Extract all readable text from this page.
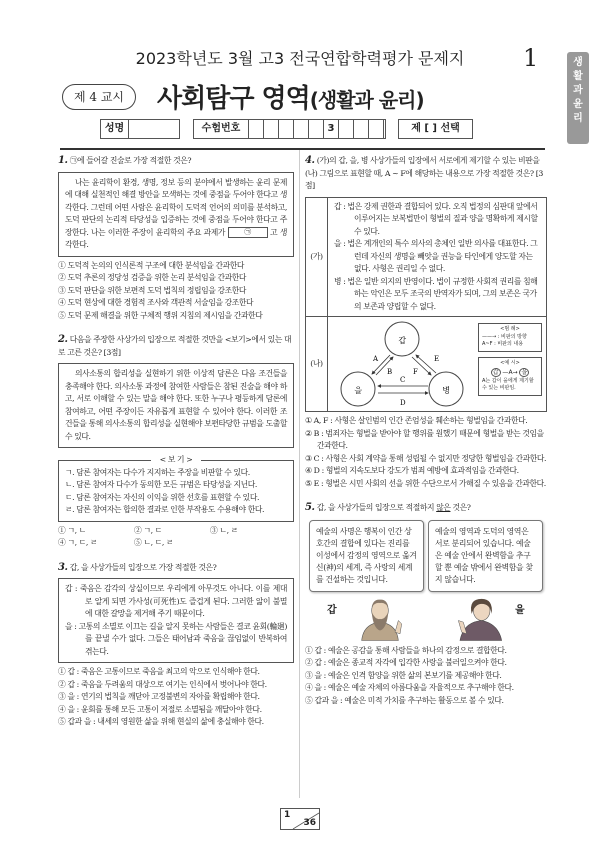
2023학년도 3월 고3 전국연합학력평가 문제지	1	생활과 윤리
제 4 교시	사회탐구 영역(생활과 윤리)
성명	수험번호	3	제 [ ] 선택
1. ㉠에 들어갈 진술로 가장 적절한 것은?
나는 윤리학이 환경, 생명, 정보 등의 분야에서 발생하는 윤리 문제에 대해 실천적인 해결 방안을 모색하는 것에 중점을 두어야 한다고 생각한다. 그런데 어떤 사람은 윤리학이 도덕적 언어의 의미를 분석하고, 도덕 판단의 논리적 타당성을 입증하는 것에 중점을 두어야 한다고 주장한다. 나는 이러한 주장이 윤리학의 주요 과제가	㉠ 고 생각한다.
① 도덕적 논의의 인식론적 구조에 대한 분석임을 간과한다
② 도덕 추론의 정당성 검증을 위한 논리 분석임을 간과한다
③ 도덕 판단을 위한 보편적 도덕 법칙의 정립임을 강조한다
④ 도덕 현상에 대한 경험적 조사와 객관적 서술임을 강조한다
⑤ 도덕 문제 해결을 위한 구체적 행위 지침의 제시임을 간과한다
2. 다음을 주장한 사상가의 입장으로 적절한 것만을 <보기>에서 있는 대로 고른 것은? [3점]
의사소통의 합리성을 실현하기 위한 이상적 담론은 다음 조건들을 충족해야 한다. 의사소통 과정에 참여한 사람들은 참된 진술을 해야 하고, 서로 이해할 수 있는 말을 해야 한다. 또한 누구나 평등하게 담론에 참여하고, 어떤 주장이든 자유롭게 표현할 수 있어야 한다. 이러한 조건들을 통해 의사소통의 합리성을 실현해야 보편타당한 규범을 도출할 수 있다.
< 보 기 >
ㄱ. 담론 참여자는 다수가 지지하는 주장을 비판할 수 있다.
ㄴ. 담론 참여자 다수가 동의한 모든 규범은 타당성을 지닌다.
ㄷ. 담론 참여자는 자신의 이익을 위한 선호를 표현할 수 있다.
ㄹ. 담론 참여자는 합의한 결과로 인한 부작용도 수용해야 한다.
① ㄱ, ㄴ	② ㄱ, ㄷ	③ ㄴ, ㄹ
④ ㄱ, ㄷ, ㄹ	⑤ ㄴ, ㄷ, ㄹ
3. 갑, 을 사상가들의 입장으로 가장 적절한 것은?
갑 : 죽음은 감각의 상실이므로 우리에게 아무것도 아니다. 이를 제대로 알게 되면 가사성(可死性)도 즐겁게 된다. 그러한 앎이 불멸에 대한 갈망을 제거해 주기 때문이다.
을 : 고통의 소멸로 이끄는 길을 알지 못하는 사람들은 결코 윤회(輪廻)를 끝낼 수가 없다. 그들은 태어남과 죽음을 끊임없이 반복하여 겪는다.
① 갑 : 죽음은 고통이므로 죽음을 최고의 악으로 인식해야 한다.
② 갑 : 죽음을 두려움의 대상으로 여기는 인식에서 벗어나야 한다.
③ 을 : 연기의 법칙을 깨닫아 고정불변의 자아를 확립해야 한다.
④ 을 : 윤회를 통해 모든 고통이 저절로 소멸됨을 깨달아야 한다.
⑤ 갑과 을 : 내세의 영원한 삶을 위해 현실의 삶에 충실해야 한다.
4. (가)의 갑, 을, 병 사상가들의 입장에서 서로에게 제기할 수 있는 비판을 (나) 그림으로 표현할 때, A ~ F에 해당하는 내용으로 가장 적절한 것은? [3점]
(가)
갑 : 법은 강제 권한과 결합되어 있다. 오직 법정의 심판대 앞에서 이루어지는 보복법만이 형벌의 질과 양을 명확하게 제시할 수 있다.
을 : 법은 계개인의 특수 의사의 총체인 일반 의사를 대표한다. 그런데 자신의 생명을 빼앗을 권능을 타인에게 양도할 자는 없다. 사형은 권리일 수 없다.
병 : 법은 일반 의지의 반영이다. 법이 규정한 사회적 권리를 침해하는 악인은 모두 조국의 반역자가 되며, 그의 보존은 국가의 보존과 양립할 수 없다.
(나)
갑
을	병
A
B
C
D
E
F
<범 례>
——→ : 비판의 방향
A~F : 비판의 내용
<예 시>
갑 —A→ 을
A는 갑이 을에게 제기할 수 있는 비판임.
① A, F : 사형은 살인범의 인간 존엄성을 훼손하는 형벌임을 간과한다.
② B : 범죄자는 형벌을 받아야 할 행위를 원했기 때문에 형벌을 받는 것임을 간과한다.
③ C : 사형은 사회 계약을 통해 성립될 수 없지만 정당한 형벌임을 간과한다.
④ D : 형벌의 지속도보다 강도가 범죄 예방에 효과적임을 간과한다.
⑤ E : 형벌은 시민 사회의 선을 위한 수단으로서 가해질 수 있음을 간과한다.
5. 갑, 을 사상가들의 입장으로 적절하지 않은 것은?
예술의 사명은 행복이 인간 상호간의 결합에 있다는 진리를 이성에서 감정의 영역으로 옮겨 신(神)의 세계, 즉 사랑의 세계를 건설하는 것입니다.
예술의 영역과 도덕의 영역은 서로 분리되어 있습니다. 예술은 예술 안에서 완벽함을 추구할 뿐 예술 밖에서 완벽함을 찾지 않습니다.
갑	을
① 갑 : 예술은 공감을 통해 사람들을 하나의 감정으로 결합한다.
② 갑 : 예술은 종교적 자각에 입각한 사랑을 불러일으켜야 한다.
③ 을 : 예술은 인격 함양을 위한 삶의 본보기를 제공해야 한다.
④ 을 : 예술은 예술 자체의 아름다움을 자율적으로 추구해야 한다.
⑤ 갑과 을 : 예술은 미적 가치를 추구하는 활동으로 볼 수 있다.
1
36
